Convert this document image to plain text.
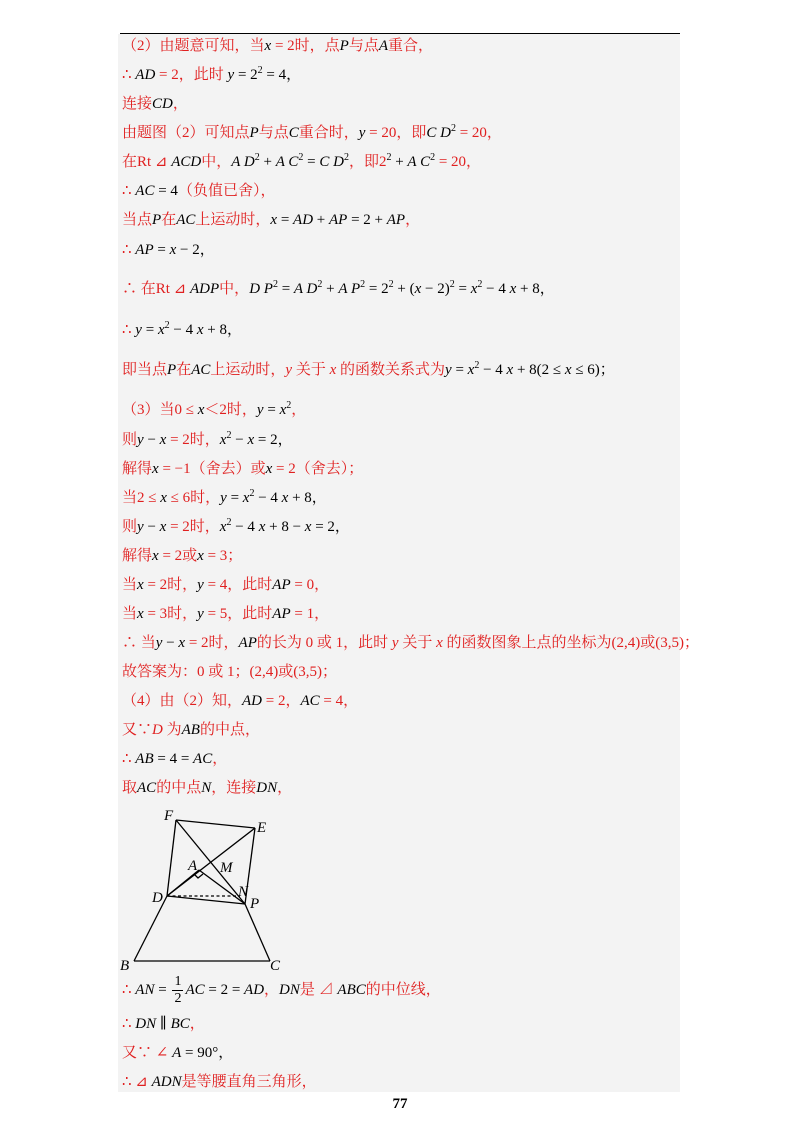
（2）由题意可知，当x = 2时，点P与点A重合，
∴ AD = 2，此时 $y = 2^2 = 4$，
连接CD，
由题图（2）可知点P与点C重合时，y = 20，即C $D^2 = 20$，
在Rt ⊿ ACD中，A $D^2 + A$ $C^2 = C$ $D^2$，即$2^2 + A$ $C^2 = 20$，
∴ AC = 4（负值已舍），
当点P在AC上运动时，x = AD + AP = 2 + AP，
∴ AP = x − 2，
∴ 在Rt ⊿ ADP中，D $P^2 = A$ $D^2 + A$ $P^2 = 2^2 + (x - 2)^2 = x^2 - 4$ x + 8，
∴ $y = x^2 - 4$ x + 8，
即当点P在AC上运动时，y 关于 x 的函数关系式为$y = x^2 - 4$ x + 8(2 ≤ x ≤ 6)；
（3）当0 ≤ x＜2时，$y = x^2$，
则y − x = 2时，$x^2 - x = 2$，
解得x = −1（舍去）或x = 2（舍去）；
当2 ≤ x ≤ 6时，$y = x^2 - 4$ x + 8，
则y − x = 2时，$x^2 - 4$ x + 8 − x = 2，
解得x = 2或x = 3；
当x = 2时，y = 4，此时AP = 0，
当x = 3时，y = 5，此时AP = 1，
∴ 当y − x = 2时，AP的长为 0 或 1，此时 y 关于 x 的函数图象上点的坐标为(2,4)或(3,5)；
故答案为：0 或 1；(2,4)或(3,5)；
（4）由（2）知，AD = 2，AC = 4，
又∵D 为AB的中点，
∴ AB = 4 = AC，
取AC的中点N，连接DN，
F
E
A M
N
D	P
B	C
∴ AN = $\frac{1}{2}$ AC = 2 = AD，DN是 ⊿ ABC的中位线，
∴ DN ∥ BC，
又∵ ∠ A = 90°，
∴ ⊿ ADN是等腰直角三角形，
77
